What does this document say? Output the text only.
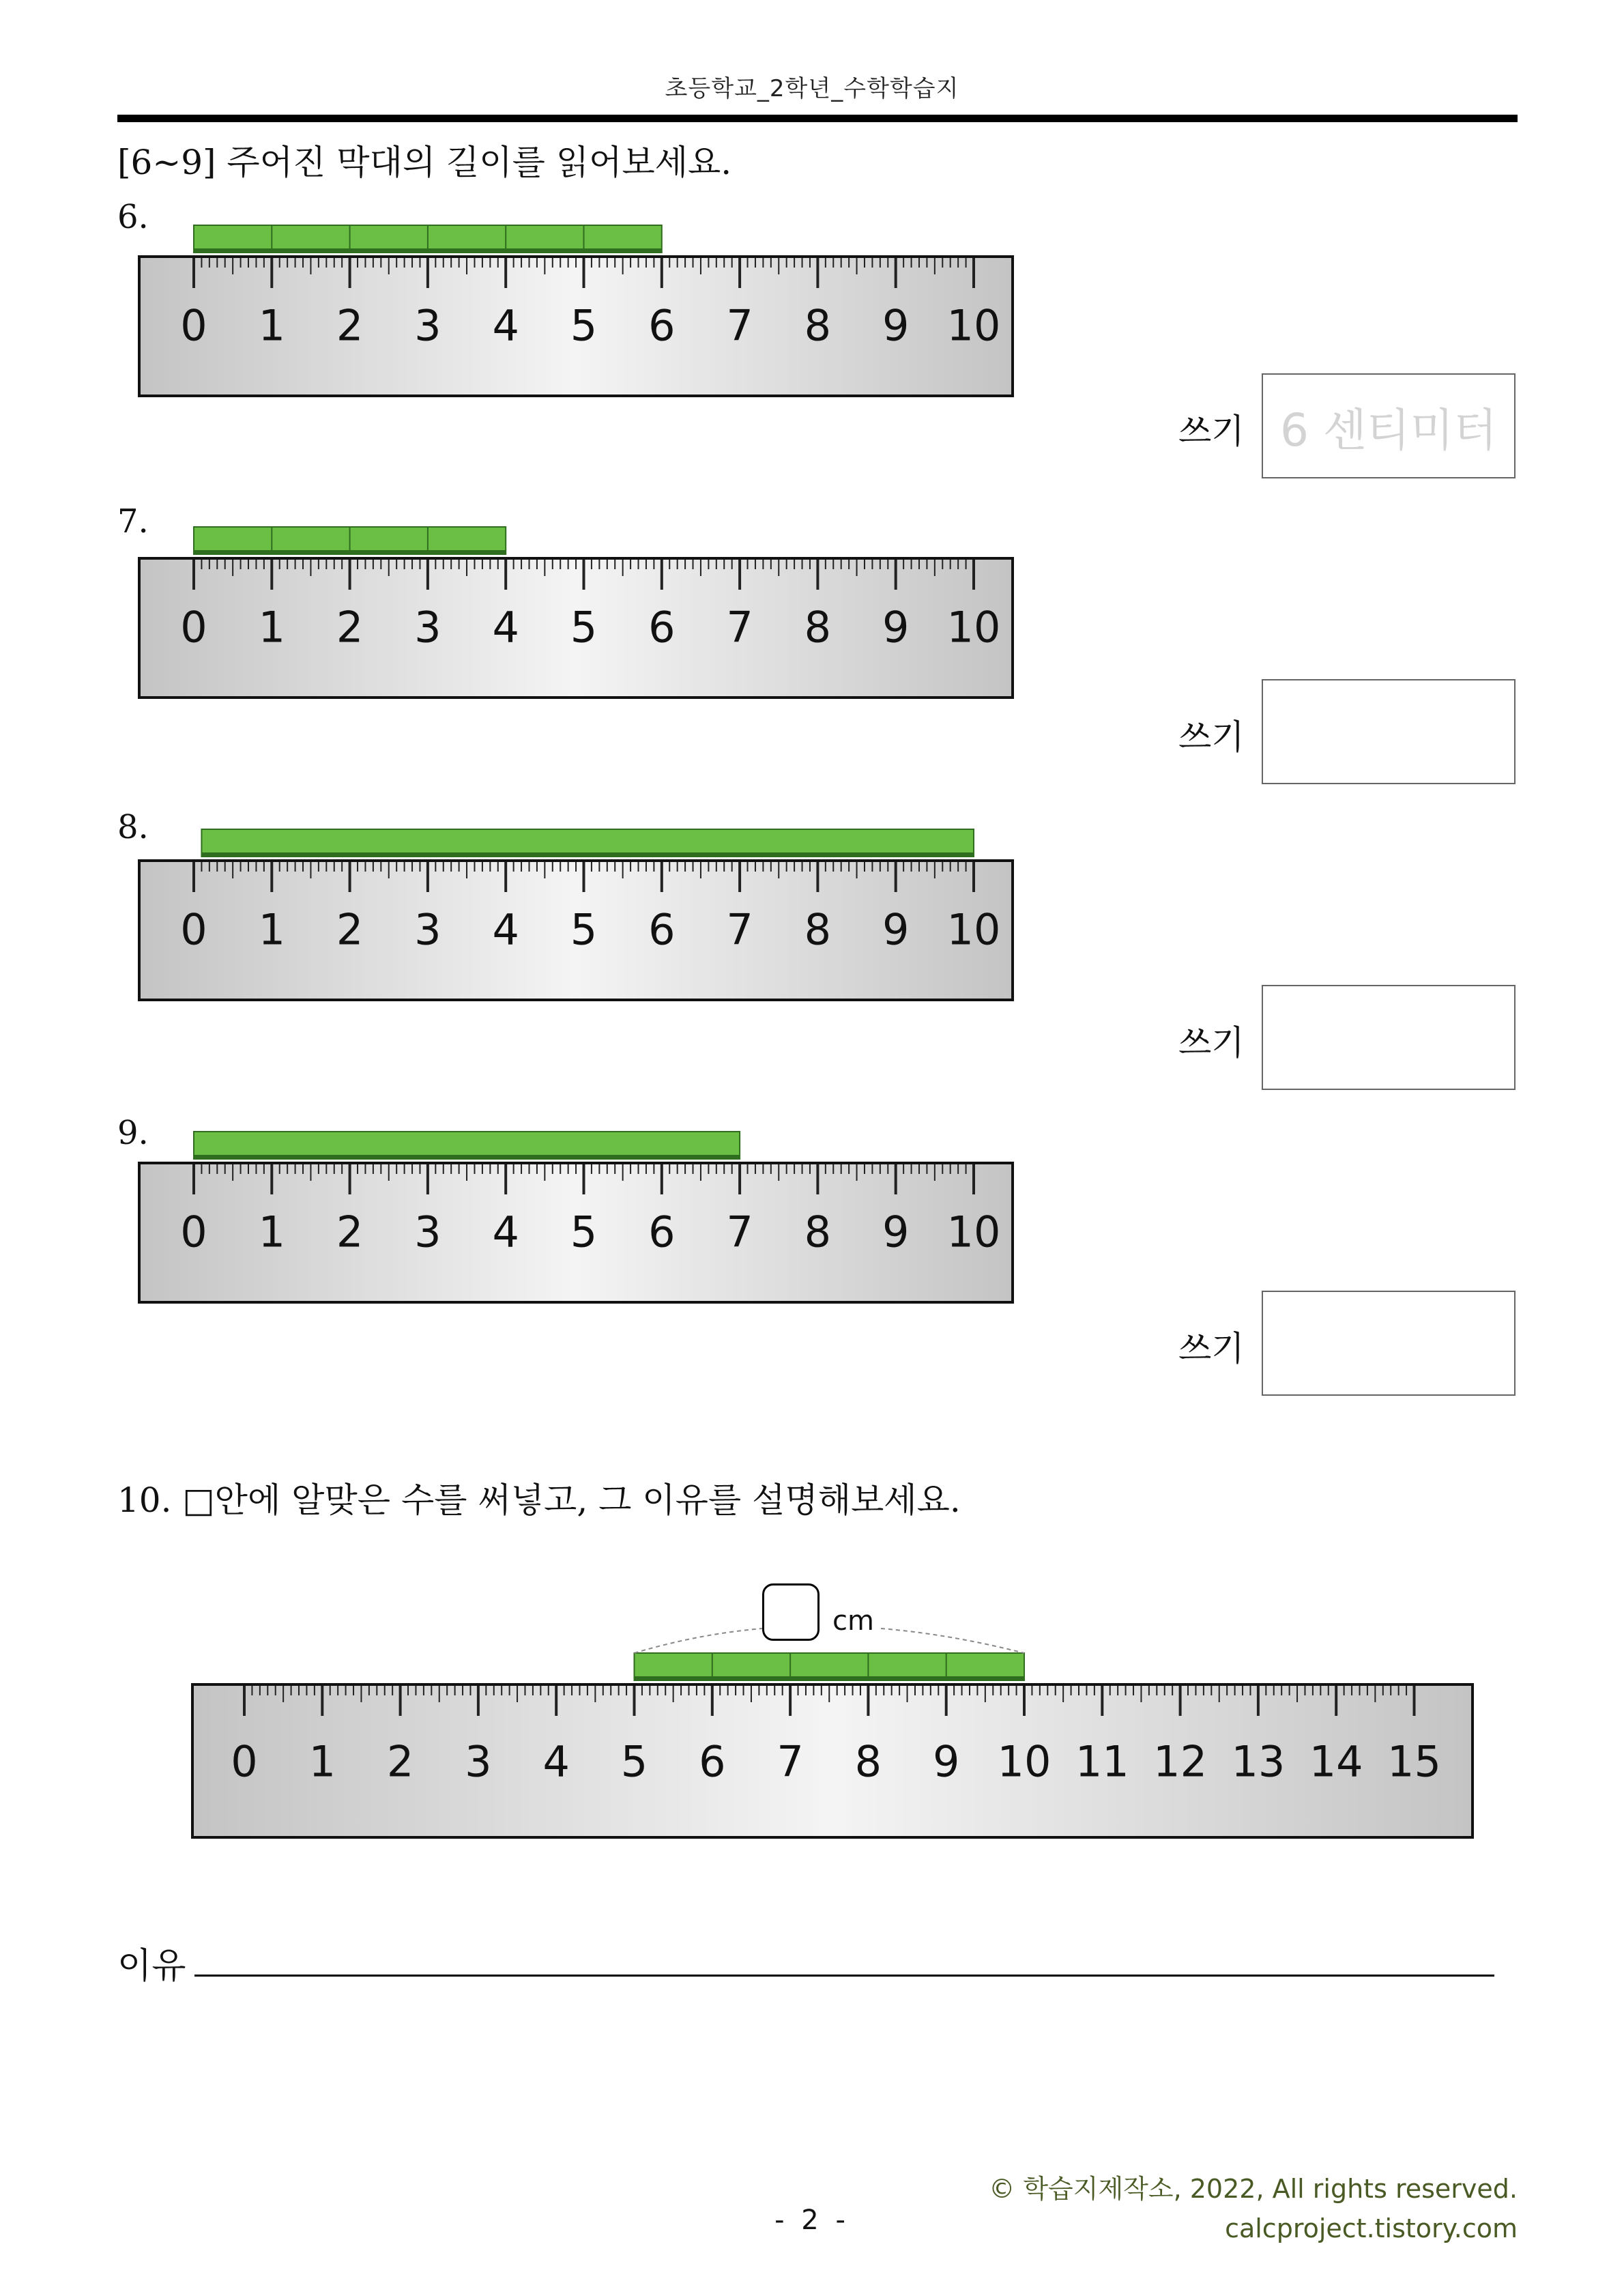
초등학교_2학년_수학학습지
[6~9] 주어진 막대의 길이를 읽어보세요.
6.
0 1 2 3 4 5 6 7 8 9 10
쓰기 6 센티미터
7.
0 1 2 3 4 5 6 7 8 9 10
쓰기
8.
0 1 2 3 4 5 6 7 8 9 10
쓰기
9.
0 1 2 3 4 5 6 7 8 9 10
쓰기
10. □안에 알맞은 수를 써넣고, 그 이유를 설명해보세요.
0 1 2 3 4 5 6 7 8 9 10 11 12 13 14 15
cm
이유
© 학습지제작소, 2022, All rights reserved.
calcproject.tistory.com
- 2 -
